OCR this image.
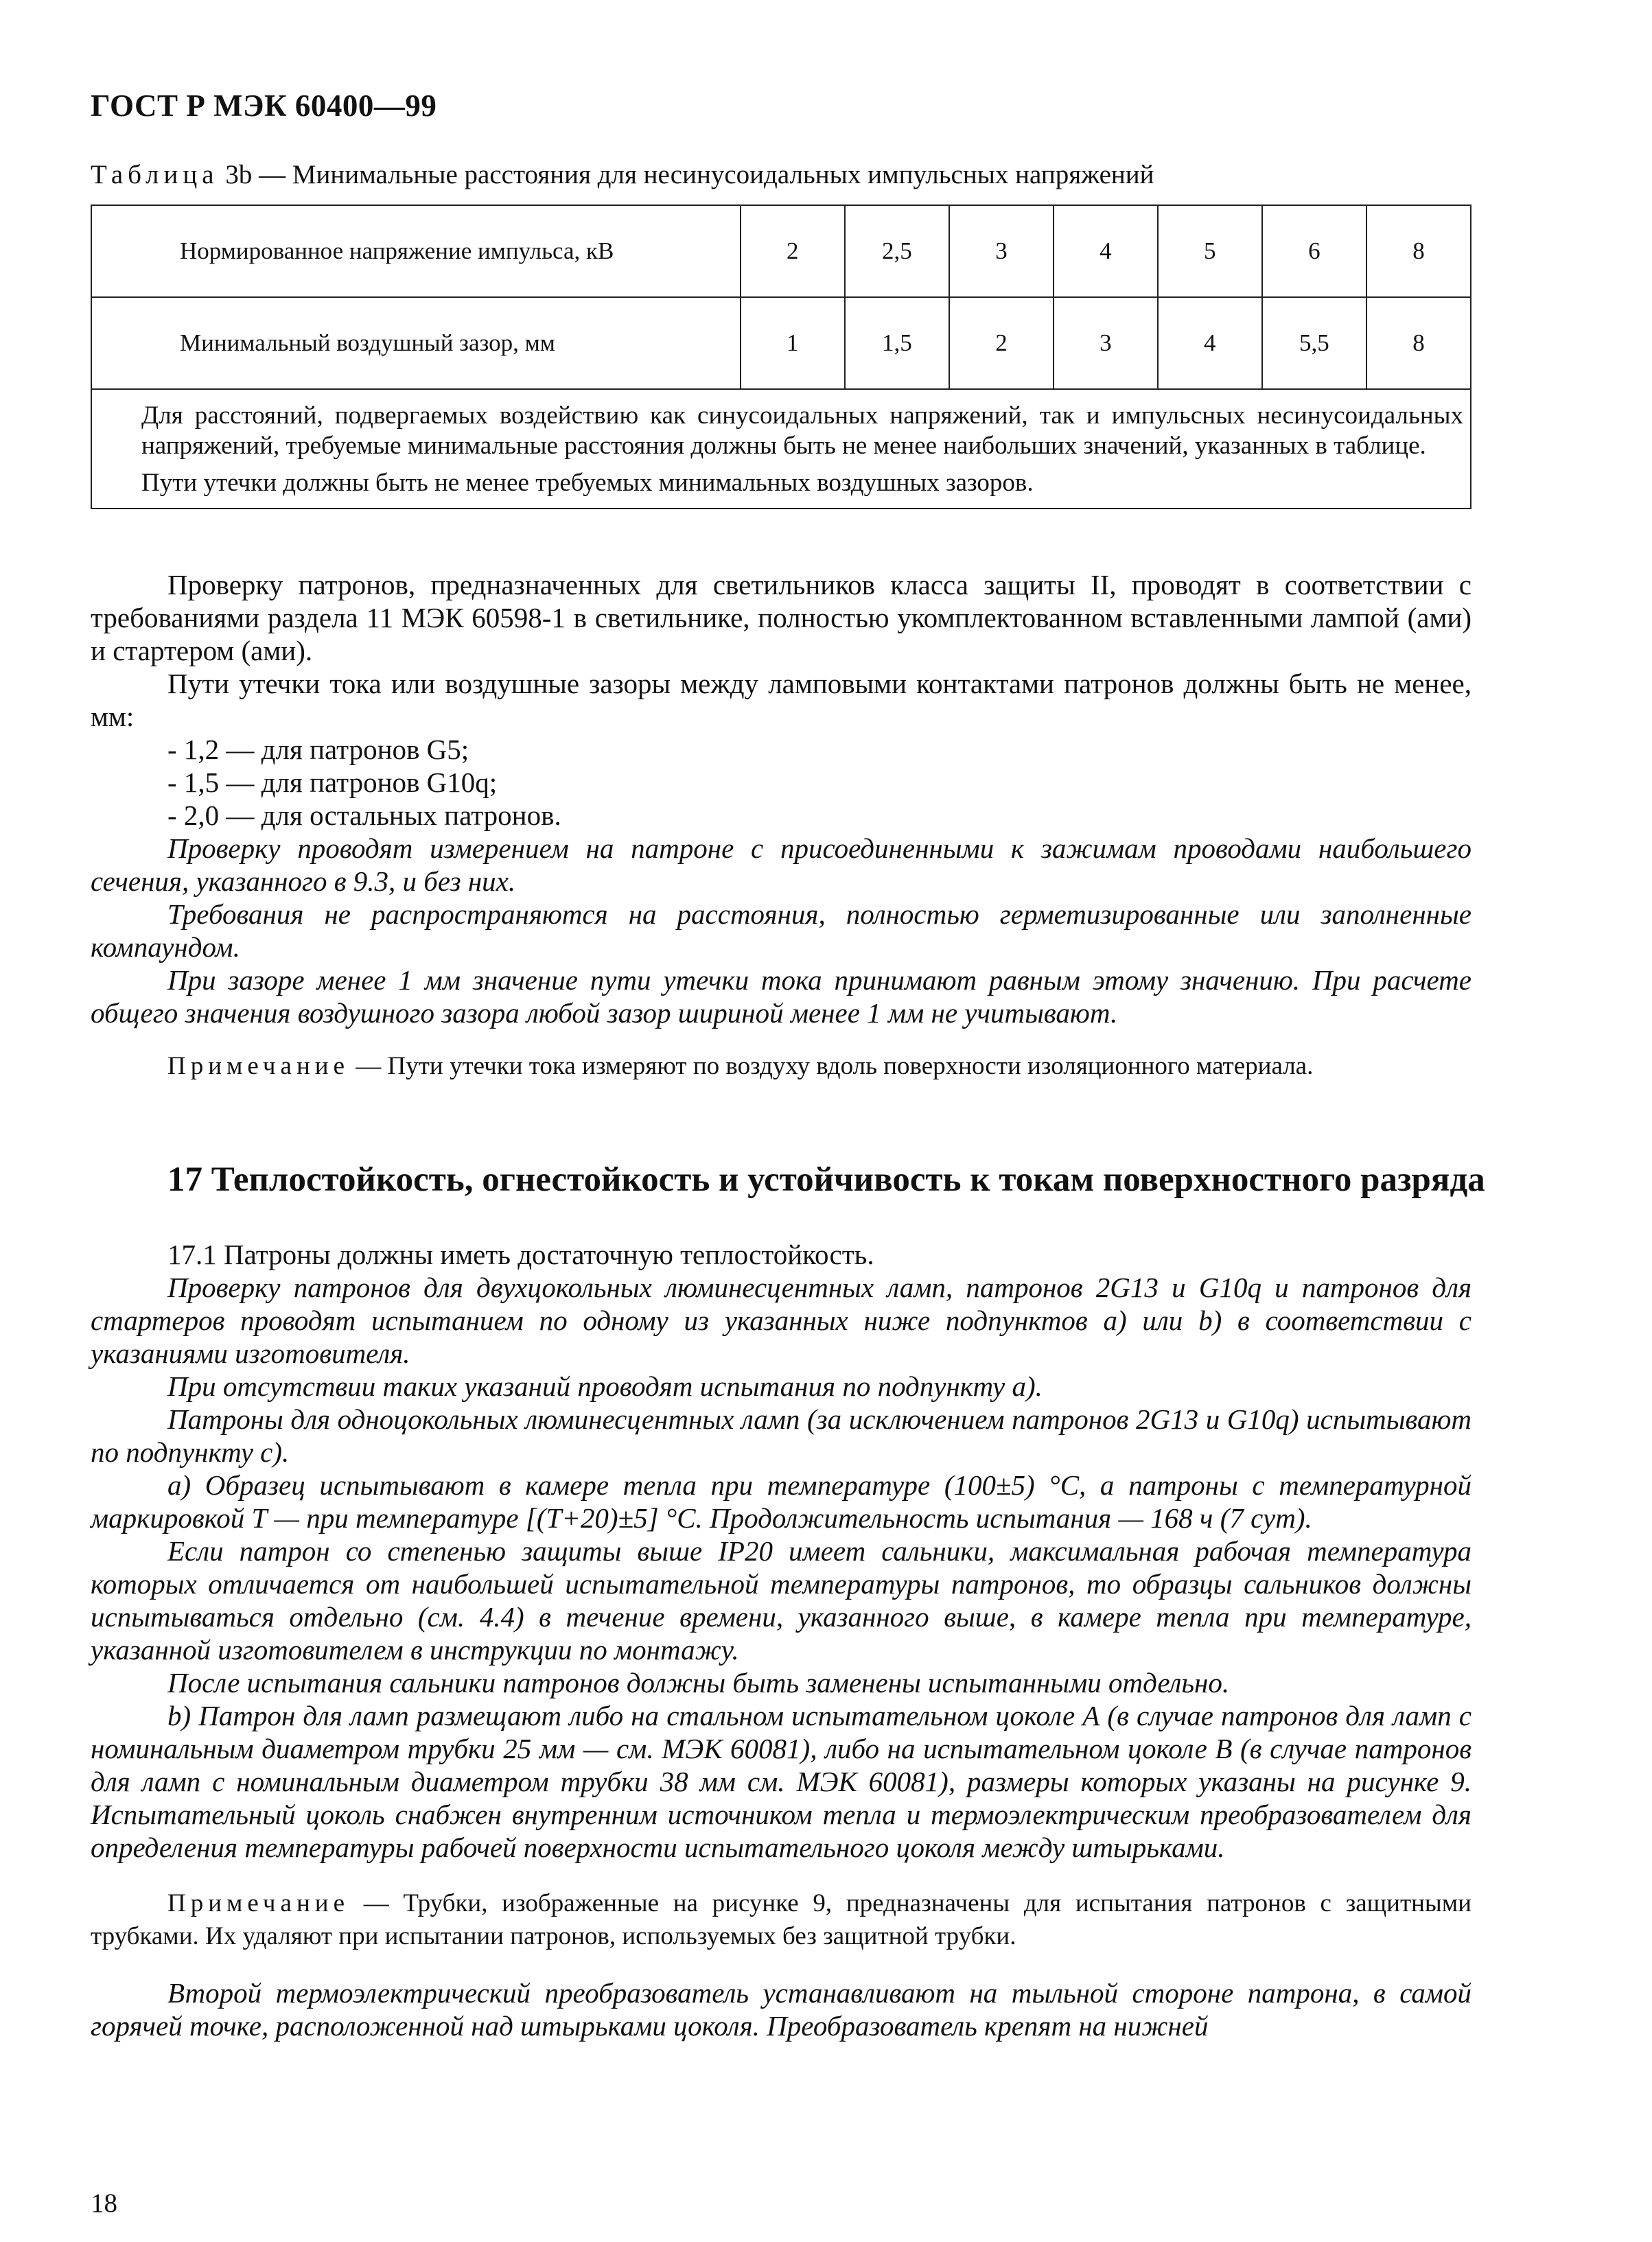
ГОСТ Р МЭК 60400—99
Таблица 3b — Минимальные расстояния для несинусоидальных импульсных напряжений
Нормированное напряжение импульса, кВ	2	2,5	3	4	5	6	8
Минимальный воздушный зазор, мм	1	1,5	2	3	4	5,5	8

Для расстояний, подвергаемых воздействию как синусоидальных напряжений, так и импульсных несинусоидальных напряжений, требуемые минимальные расстояния должны быть не менее наибольших значений, указанных в таблице.

Пути утечки должны быть не менее требуемых минимальных воздушных зазоров.							

Проверку патронов, предназначенных для светильников класса защиты II, проводят в соответствии с требованиями раздела 11 МЭК 60598-1 в светильнике, полностью укомплектованном вставленными лампой (ами) и стартером (ами).

Пути утечки тока или воздушные зазоры между ламповыми контактами патронов должны быть не менее, мм:

- 1,2 — для патронов G5;

- 1,5 — для патронов G10q;

- 2,0 — для остальных патронов.

Проверку проводят измерением на патроне с присоединенными к зажимам проводами наибольшего сечения, указанного в 9.3, и без них.

Требования не распространяются на расстояния, полностью герметизированные или заполненные компаундом.

При зазоре менее 1 мм значение пути утечки тока принимают равным этому значению. При расчете общего значения воздушного зазора любой зазор шириной менее 1 мм не учитывают.

Примечание — Пути утечки тока измеряют по воздуху вдоль поверхности изоляционного материала.

17 Теплостойкость, огнестойкость и устойчивость к токам поверхностного разряда

17.1 Патроны должны иметь достаточную теплостойкость.

Проверку патронов для двухцокольных люминесцентных ламп, патронов 2G13 и G10q и патронов для стартеров проводят испытанием по одному из указанных ниже подпунктов a) или b) в соответствии с указаниями изготовителя.

При отсутствии таких указаний проводят испытания по подпункту a).

Патроны для одноцокольных люминесцентных ламп (за исключением патронов 2G13 и G10q) испытывают по подпункту c).

a) Образец испытывают в камере тепла при температуре (100±5) °С, а патроны с температурной маркировкой Т — при температуре [(Т+20)±5] °С. Продолжительность испытания — 168 ч (7 сут).

Если патрон со степенью защиты выше IP20 имеет сальники, максимальная рабочая температура которых отличается от наибольшей испытательной температуры патронов, то образцы сальников должны испытываться отдельно (см. 4.4) в течение времени, указанного выше, в камере тепла при температуре, указанной изготовителем в инструкции по монтажу.

После испытания сальники патронов должны быть заменены испытанными отдельно.

b) Патрон для ламп размещают либо на стальном испытательном цоколе А (в случае патронов для ламп с номинальным диаметром трубки 25 мм — см. МЭК 60081), либо на испытательном цоколе В (в случае патронов для ламп с номинальным диаметром трубки 38 мм см. МЭК 60081), размеры которых указаны на рисунке 9. Испытательный цоколь снабжен внутренним источником тепла и термоэлектрическим преобразователем для определения температуры рабочей поверхности испытательного цоколя между штырьками.

Примечание — Трубки, изображенные на рисунке 9, предназначены для испытания патронов с защитными трубками. Их удаляют при испытании патронов, используемых без защитной трубки.

Второй термоэлектрический преобразователь устанавливают на тыльной стороне патрона, в самой горячей точке, расположенной над штырьками цоколя. Преобразователь крепят на нижней

18
